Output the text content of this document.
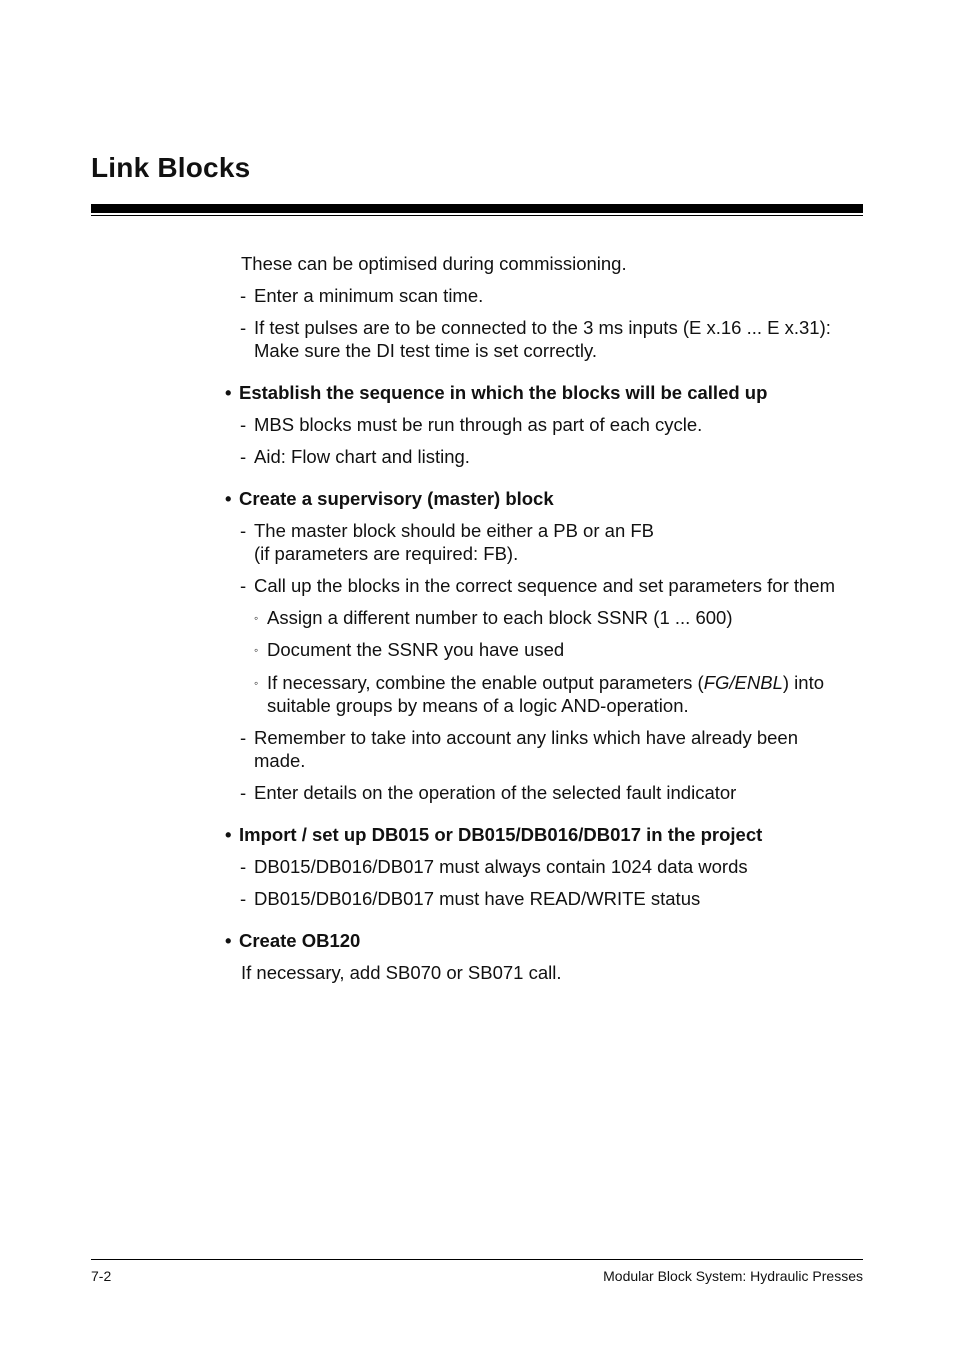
Link Blocks
These can be optimised during commissioning.
- Enter a minimum scan time.
- If test pulses are to be connected to the 3 ms inputs (E x.16 ... E x.31):
Make sure the DI test time is set correctly.
• Establish the sequence in which the blocks will be called up
- MBS blocks must be run through as part of each cycle.
- Aid: Flow chart and listing.
• Create a supervisory (master) block
- The master block should be either a PB or an FB
(if parameters are required: FB).
- Call up the blocks in the correct sequence and set parameters for them
◦ Assign a different number to each block SSNR (1 ... 600)
◦ Document the SSNR you have used
◦ If necessary, combine the enable output parameters (FG/ENBL) into
suitable groups by means of a logic AND-operation.
- Remember to take into account any links which have already been
made.
- Enter details on the operation of the selected fault indicator
• Import / set up DB015 or DB015/DB016/DB017 in the project
- DB015/DB016/DB017 must always contain 1024 data words
- DB015/DB016/DB017 must have READ/WRITE status
• Create OB120
If necessary, add SB070 or SB071 call.
7-2	Modular Block System: Hydraulic Presses
